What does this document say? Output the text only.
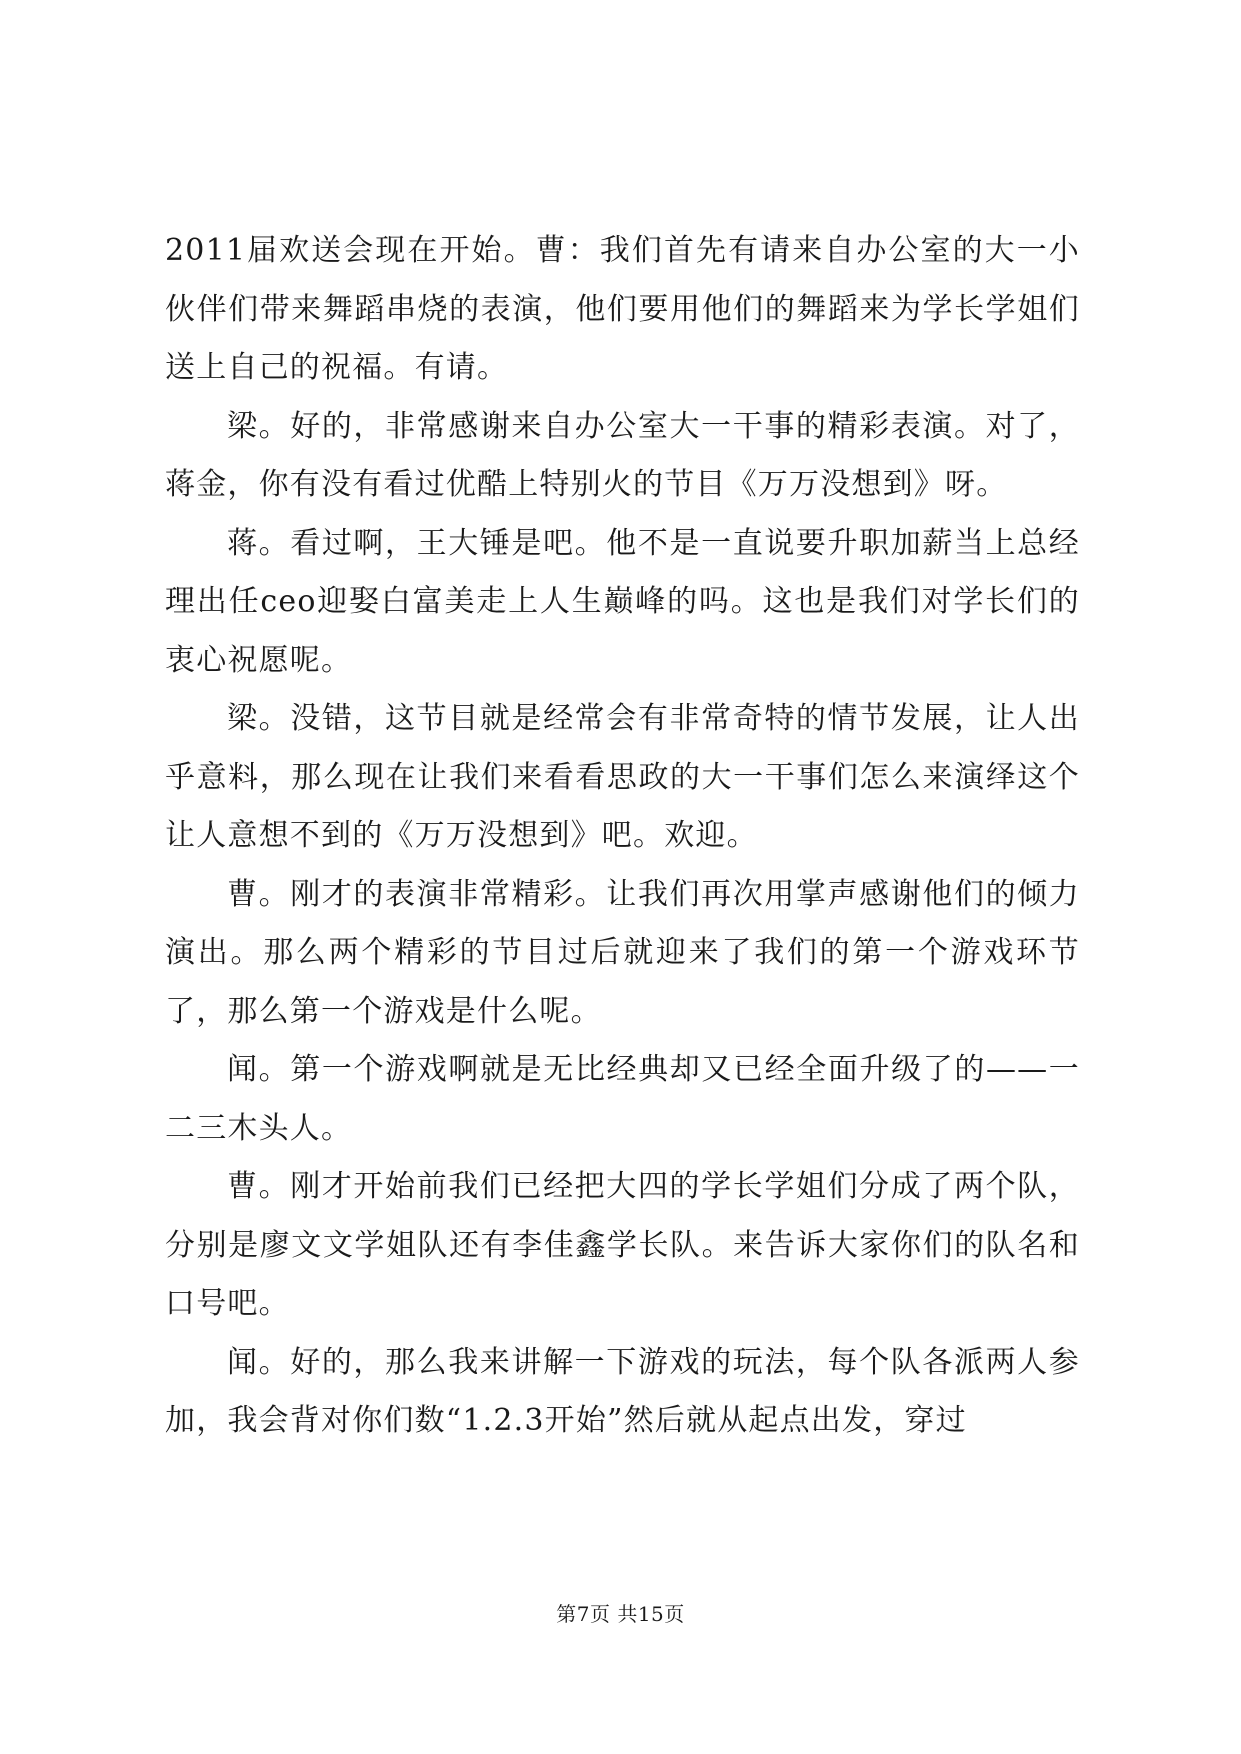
2011届欢送会现在开始。曹：我们首先有请来自办公室的大一小伙伴们带来舞蹈串烧的表演，他们要用他们的舞蹈来为学长学姐们送上自己的祝福。有请。

梁。好的，非常感谢来自办公室大一干事的精彩表演。对了，蒋金，你有没有看过优酷上特别火的节目《万万没想到》呀。

蒋。看过啊，王大锤是吧。他不是一直说要升职加薪当上总经理出任ceo迎娶白富美走上人生巅峰的吗。这也是我们对学长们的衷心祝愿呢。

梁。没错，这节目就是经常会有非常奇特的情节发展，让人出乎意料，那么现在让我们来看看思政的大一干事们怎么来演绎这个让人意想不到的《万万没想到》吧。欢迎。

曹。刚才的表演非常精彩。让我们再次用掌声感谢他们的倾力演出。那么两个精彩的节目过后就迎来了我们的第一个游戏环节了，那么第一个游戏是什么呢。

闻。第一个游戏啊就是无比经典却又已经全面升级了的——一二三木头人。

曹。刚才开始前我们已经把大四的学长学姐们分成了两个队，分别是廖文文学姐队还有李佳鑫学长队。来告诉大家你们的队名和口号吧。

闻。好的，那么我来讲解一下游戏的玩法，每个队各派两人参加，我会背对你们数“1.2.3开始”然后就从起点出发，穿过

第7页 共15页
